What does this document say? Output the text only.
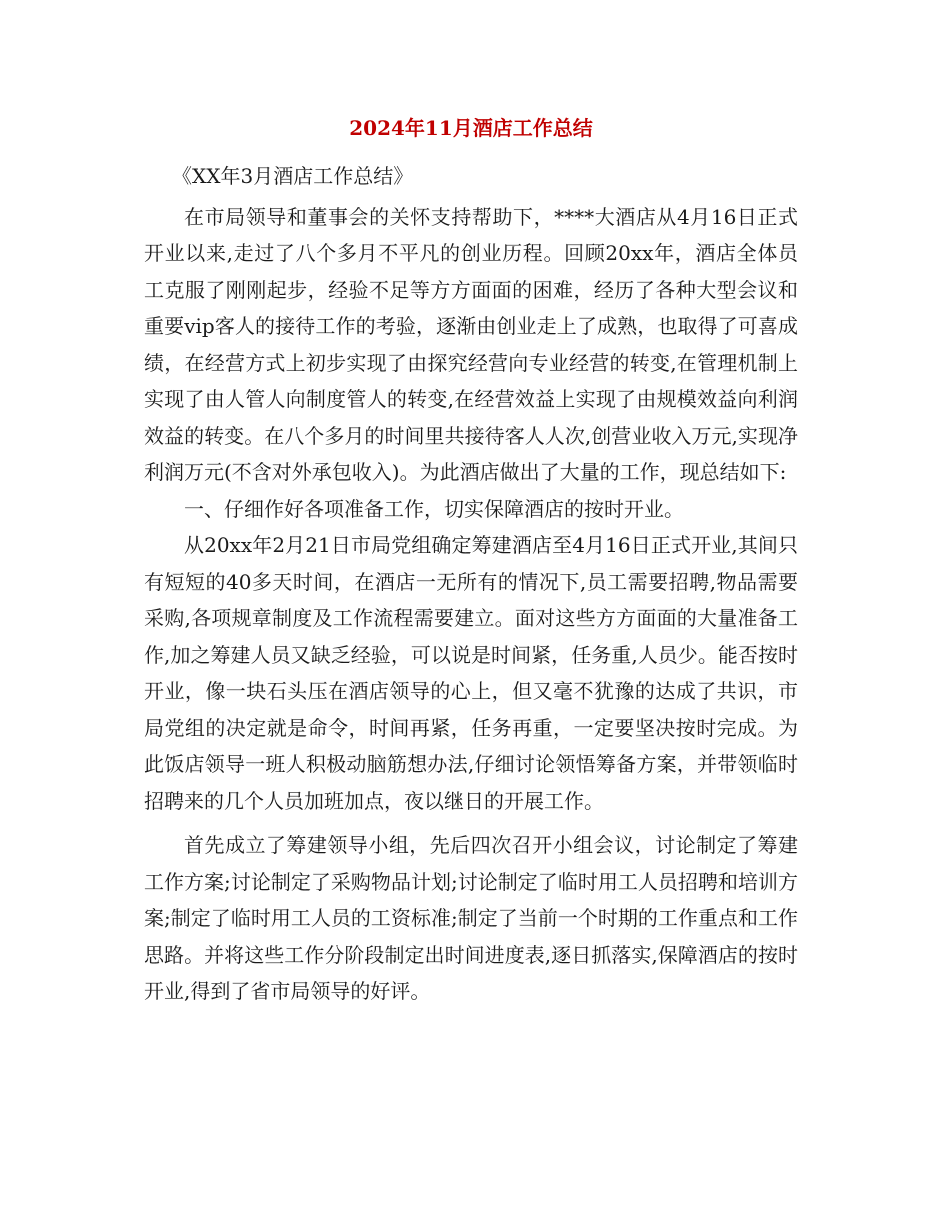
2024年11月酒店工作总结

《XX年3月酒店工作总结》

在市局领导和董事会的关怀支持帮助下，****大酒店从4月16日正式开业以来,走过了八个多月不平凡的创业历程。回顾20xx年，酒店全体员工克服了刚刚起步，经验不足等方方面面的困难，经历了各种大型会议和重要vip客人的接待工作的考验，逐渐由创业走上了成熟，也取得了可喜成绩，在经营方式上初步实现了由探究经营向专业经营的转变,在管理机制上实现了由人管人向制度管人的转变,在经营效益上实现了由规模效益向利润效益的转变。在八个多月的时间里共接待客人人次,创营业收入万元,实现净利润万元(不含对外承包收入)。为此酒店做出了大量的工作，现总结如下:

一、仔细作好各项准备工作，切实保障酒店的按时开业。

从20xx年2月21日市局党组确定筹建酒店至4月16日正式开业,其间只有短短的40多天时间，在酒店一无所有的情况下,员工需要招聘,物品需要采购,各项规章制度及工作流程需要建立。面对这些方方面面的大量准备工作,加之筹建人员又缺乏经验，可以说是时间紧，任务重,人员少。能否按时开业，像一块石头压在酒店领导的心上，但又毫不犹豫的达成了共识，市局党组的决定就是命令，时间再紧，任务再重，一定要坚决按时完成。为此饭店领导一班人积极动脑筋想办法,仔细讨论领悟筹备方案，并带领临时招聘来的几个人员加班加点，夜以继日的开展工作。

首先成立了筹建领导小组，先后四次召开小组会议，讨论制定了筹建工作方案;讨论制定了采购物品计划;讨论制定了临时用工人员招聘和培训方案;制定了临时用工人员的工资标准;制定了当前一个时期的工作重点和工作思路。并将这些工作分阶段制定出时间进度表,逐日抓落实,保障酒店的按时开业,得到了省市局领导的好评。
